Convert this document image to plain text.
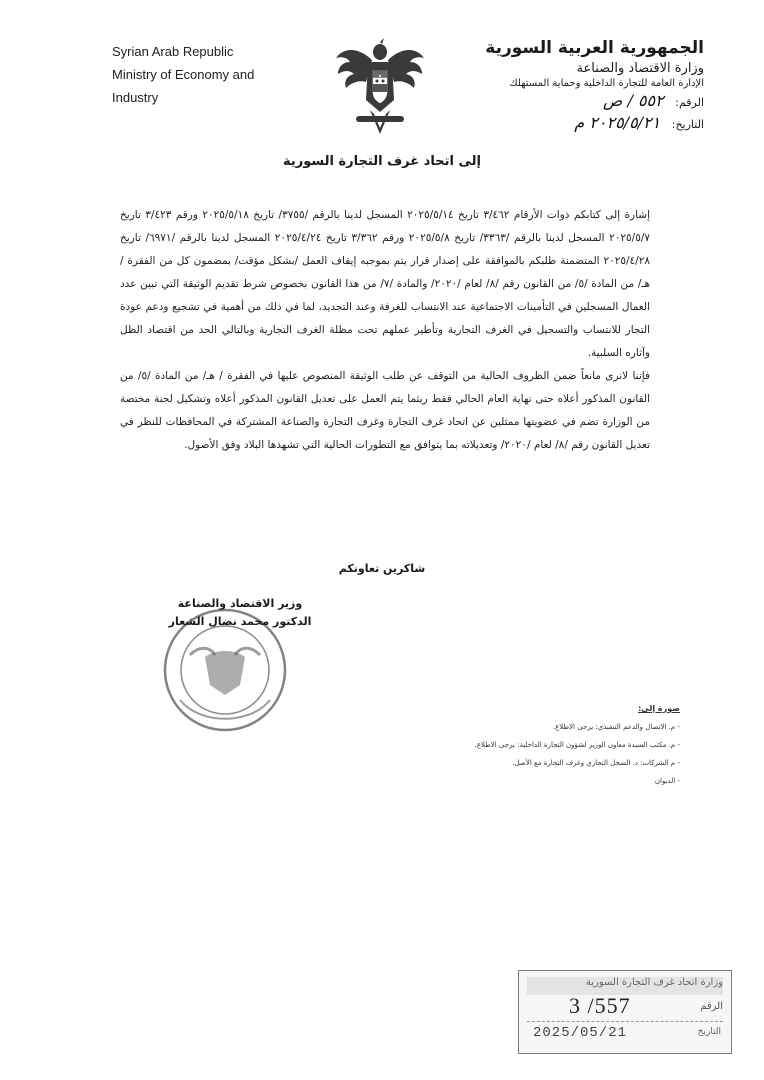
Syrian Arab Republic
Ministry of Economy and
Industry
الجمهورية العربية السورية
وزارة الاقتصاد والصناعة
الإدارة العامة للتجارة الداخلية وحماية المستهلك
الرقم: ٥٥٢ / ص
التاريخ: ٢٠٢٥/٥/٢١ م
إلى اتحاد غرف التجارة السورية

إشارة إلى كتابكم ذوات الأرقام ٣/٤٦٢ تاريخ ٢٠٢٥/٥/١٤ المسجل لدينا بالرقم /٣٧٥٥/ تاريخ ٢٠٢٥/٥/١٨ ورقم ٣/٤٢٣ تاريخ ٢٠٢٥/٥/٧ المسجل لدينا بالرقم /٣٣٦٣/ تاريخ ٢٠٢٥/٥/٨ ورقم ٣/٣٦٢ تاريخ ٢٠٢٥/٤/٢٤ المسجل لدينا بالرقم /٦٩٧١/ تاريخ ٢٠٢٥/٤/٢٨ المتضمنة طلبكم بالموافقة على إصدار قرار يتم بموجبه إيقاف العمل /بشكل مؤقت/ بمضمون كل من الفقرة /هـ/ من المادة /٥/ من القانون رقم /٨/ لعام /٢٠٢٠/ والمادة /٧/ من هذا القانون بخصوص شرط تقديم الوثيقة التي تبين عدد العمال المسجلين في التأمينات الاجتماعية عند الانتساب للغرفة وعند التجديد، لما في ذلك من أهمية في تشجيع ودعم عودة التجار للانتساب والتسجيل في الغرف التجارية وتأطير عملهم تحت مظلة الغرف التجارية وبالتالي الحد من اقتصاد الظل وآثاره السلبية.

فإننا لانرى مانعاً ضمن الظروف الحالية من التوقف عن طلب الوثيقة المنصوص عليها في الفقرة / هـ/ من المادة /٥/ من القانون المذكور أعلاه حتى نهاية العام الحالي فقط ريثما يتم العمل على تعديل القانون المذكور أعلاه وتشكيل لجنة مختصة من الوزارة تضم في عضويتها ممثلين عن اتحاد غرف التجارة وغرف التجارة والصناعة المشتركة في المحافظات للنظر في تعديل القانون رقم /٨/ لعام /٢٠٢٠/ وتعديلاته بما يتوافق مع التطورات الحالية التي تشهدها البلاد وفق الأصول.

شاكرين تعاونكم
وزير الاقتصاد والصناعة
الدكتور محمد نضال الشعار
صورة إلى:
- م. الاتصال والدعم التنفيذي: يرجى الاطلاع.
- م. مكتب السيدة معاون الوزير لشؤون التجارة الداخلية: يرجى الاطلاع.
- م الشركات: د. السجل التجاري وغرف التجارة مع الأصل.
- الديوان
وزارة اتحاد غرف التجارة السورية
الرقم
3 /557
التاريخ
2025/05/21
